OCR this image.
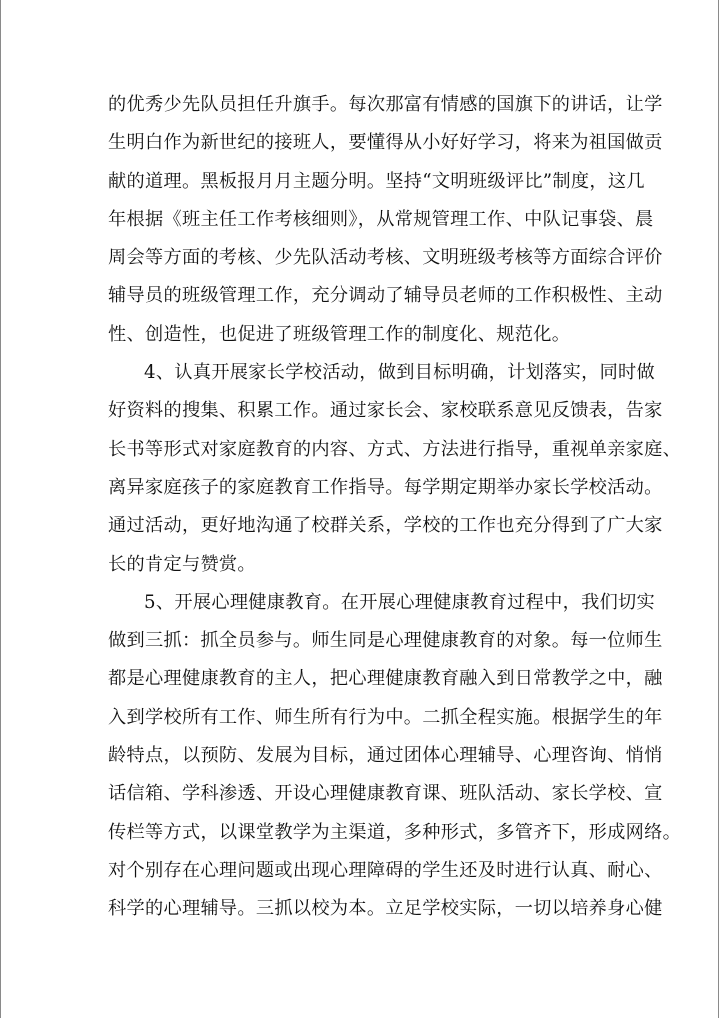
的优秀少先队员担任升旗手。每次那富有情感的国旗下的讲话，让学
生明白作为新世纪的接班人，要懂得从小好好学习，将来为祖国做贡
献的道理。黑板报月月主题分明。坚持“文明班级评比”制度，这几
年根据《班主任工作考核细则》，从常规管理工作、中队记事袋、晨
周会等方面的考核、少先队活动考核、文明班级考核等方面综合评价
辅导员的班级管理工作，充分调动了辅导员老师的工作积极性、主动
性、创造性，也促进了班级管理工作的制度化、规范化。
4、认真开展家长学校活动，做到目标明确，计划落实，同时做
好资料的搜集、积累工作。通过家长会、家校联系意见反馈表，告家
长书等形式对家庭教育的内容、方式、方法进行指导，重视单亲家庭、
离异家庭孩子的家庭教育工作指导。每学期定期举办家长学校活动。
通过活动，更好地沟通了校群关系，学校的工作也充分得到了广大家
长的肯定与赞赏。
5、开展心理健康教育。在开展心理健康教育过程中，我们切实
做到三抓：抓全员参与。师生同是心理健康教育的对象。每一位师生
都是心理健康教育的主人，把心理健康教育融入到日常教学之中，融
入到学校所有工作、师生所有行为中。二抓全程实施。根据学生的年
龄特点，以预防、发展为目标，通过团体心理辅导、心理咨询、悄悄
话信箱、学科渗透、开设心理健康教育课、班队活动、家长学校、宣
传栏等方式，以课堂教学为主渠道，多种形式，多管齐下，形成网络。
对个别存在心理问题或出现心理障碍的学生还及时进行认真、耐心、
科学的心理辅导。三抓以校为本。立足学校实际，一切以培养身心健
